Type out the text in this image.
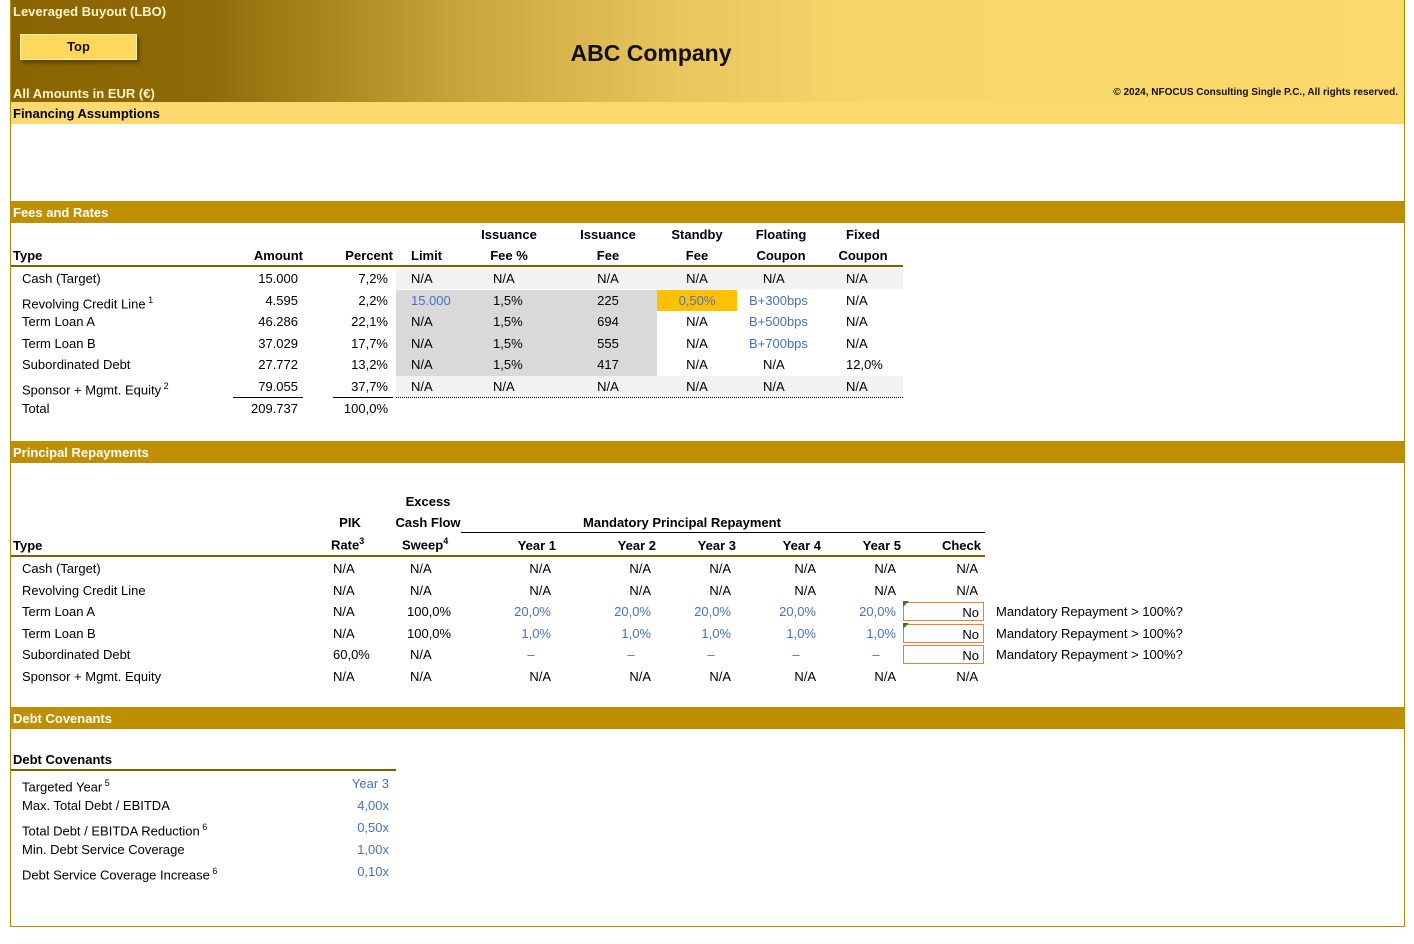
Leveraged Buyout (LBO)
Top	ABC Company
All Amounts in EUR (€)	© 2024, NFOCUS Consulting Single P.C., All rights reserved.
Financing Assumptions
Fees and Rates
Issuance	Issuance	Standby	Floating	Fixed
Type	Amount	Percent Limit	Fee %	Fee	Fee	Coupon	Coupon
Cash (Target)	15.000	7,2% N/A	N/A	N/A	N/A	N/A	N/A
Revolving Credit Line $^1$	4.595	2,2% 15.000	1,5%	225	0,50%	B+300bps	N/A
Term Loan A	46.286	22,1% N/A	1,5%	694	N/A	B+500bps	N/A
Term Loan B	37.029	17,7% N/A	1,5%	555	N/A	B+700bps	N/A
Subordinated Debt	27.772	13,2% N/A	1,5%	417	N/A	N/A	12,0%
Sponsor + Mgmt. Equity $^2$	79.055	37,7% N/A	N/A	N/A	N/A	N/A	N/A
Total	209.737	100,0%
Principal Repayments
Excess
PIK	Cash Flow	Mandatory Principal Repayment
Type	Rate$^3$	Sweep$^4$	Year 1	Year 2	Year 3	Year 4	Year 5	Check
Cash (Target)	N/A	N/A	N/A	N/A	N/A	N/A	N/A	N/A
Revolving Credit Line	N/A	N/A	N/A	N/A	N/A	N/A	N/A	N/A
Term Loan A	N/A	100,0%	20,0%	20,0%	20,0%	20,0%	20,0%	No	Mandatory Repayment > 100%?
Term Loan B	N/A	100,0%	1,0%	1,0%	1,0%	1,0%	1,0%	No	Mandatory Repayment > 100%?
Subordinated Debt	60,0%	N/A	–	–	–	–	–	No	Mandatory Repayment > 100%?
Sponsor + Mgmt. Equity	N/A	N/A	N/A	N/A	N/A	N/A	N/A	N/A
Debt Covenants
Debt Covenants
Targeted Year $^5$	Year 3
Max. Total Debt / EBITDA	4,00x
Total Debt / EBITDA Reduction $^6$	0,50x
Min. Debt Service Coverage	1,00x
Debt Service Coverage Increase $^6$	0,10x
